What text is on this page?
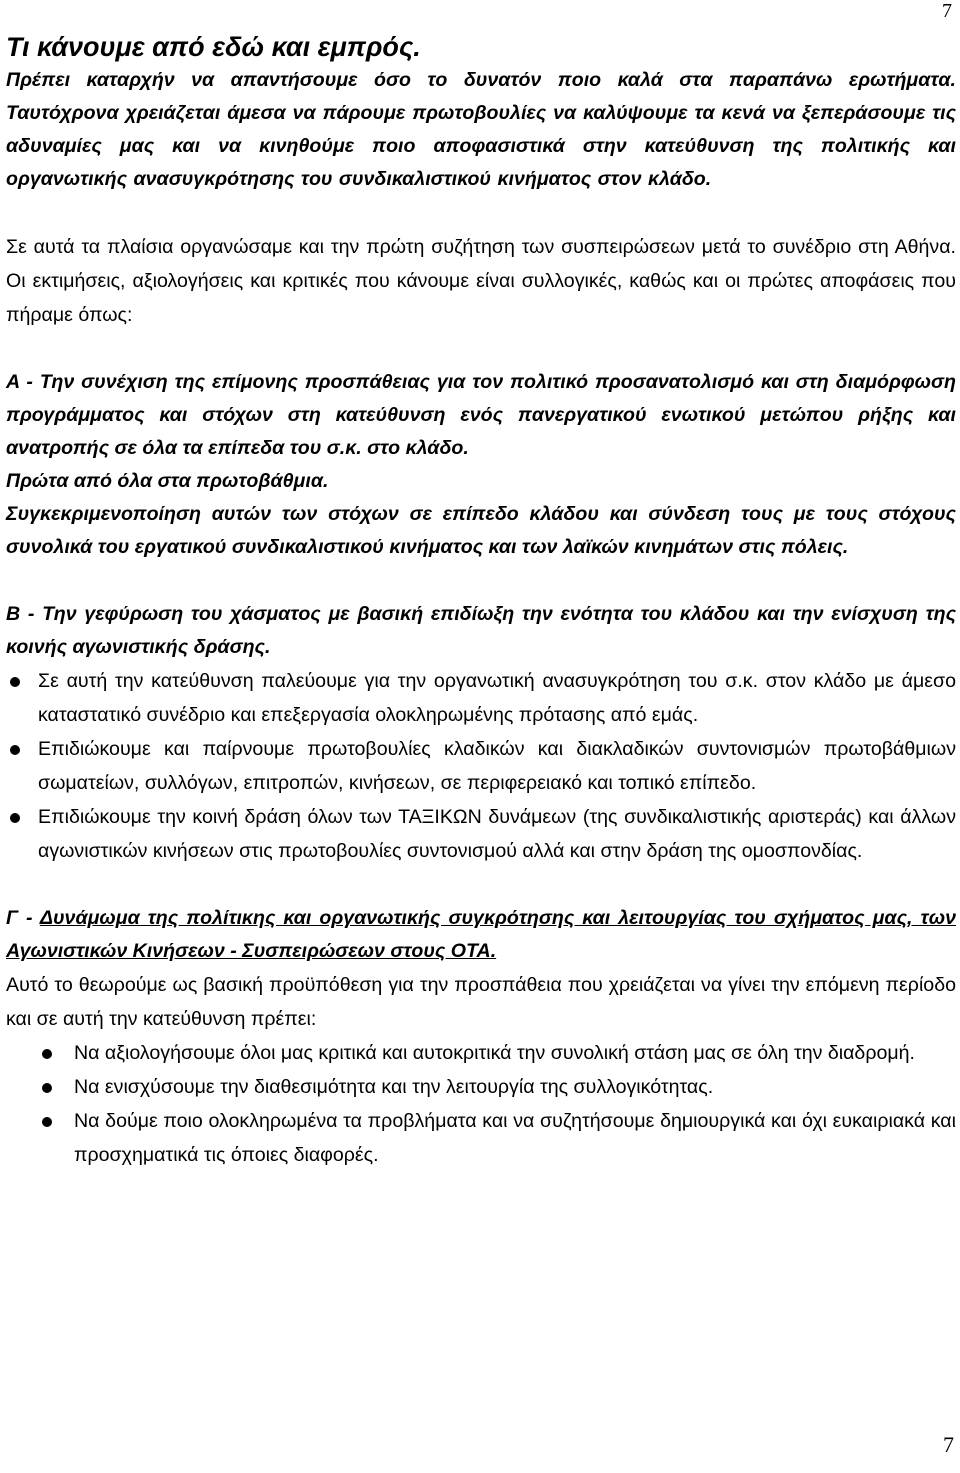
7
Τι κάνουμε από εδώ και εμπρός.

Πρέπει καταρχήν να απαντήσουμε όσο το δυνατόν ποιο καλά στα παραπάνω ερωτήματα. Ταυτόχρονα χρειάζεται άμεσα να πάρουμε πρωτοβουλίες να καλύψουμε τα κενά να ξεπεράσουμε τις αδυναμίες μας και να κινηθούμε ποιο αποφασιστικά στην κατεύθυνση της πολιτικής και οργανωτικής ανασυγκρότησης του συνδικαλιστικού κινήματος στον κλάδο.

Σε αυτά τα πλαίσια οργανώσαμε και την πρώτη συζήτηση των συσπειρώσεων μετά το συνέδριο στη Αθήνα. Οι εκτιμήσεις, αξιολογήσεις και κριτικές που κάνουμε είναι συλλογικές, καθώς και οι πρώτες αποφάσεις που πήραμε όπως:

Α - Την συνέχιση της επίμονης προσπάθειας για τον πολιτικό προσανατολισμό και στη διαμόρφωση προγράμματος και στόχων στη κατεύθυνση ενός πανεργατικού ενωτικού μετώπου ρήξης και ανατροπής σε όλα τα επίπεδα του σ.κ. στο κλάδο.

Πρώτα από όλα στα πρωτοβάθμια.

Συγκεκριμενοποίηση αυτών των στόχων σε επίπεδο κλάδου και σύνδεση τους με τους στόχους συνολικά του εργατικού συνδικαλιστικού κινήματος και των λαϊκών κινημάτων στις πόλεις.

Β - Την γεφύρωση του χάσματος με βασική επιδίωξη την ενότητα του κλάδου και την ενίσχυση της κοινής αγωνιστικής δράσης.

Σε αυτή την κατεύθυνση παλεύουμε για την οργανωτική ανασυγκρότηση του σ.κ. στον κλάδο με άμεσο καταστατικό συνέδριο και επεξεργασία ολοκληρωμένης πρότασης από εμάς.
Επιδιώκουμε και παίρνουμε πρωτοβουλίες κλαδικών και διακλαδικών συντονισμών πρωτοβάθμιων σωματείων, συλλόγων, επιτροπών, κινήσεων, σε περιφερειακό και τοπικό επίπεδο.
Επιδιώκουμε την κοινή δράση όλων των ΤΑΞΙΚΩΝ δυνάμεων (της συνδικαλιστικής αριστεράς) και άλλων αγωνιστικών κινήσεων στις πρωτοβουλίες συντονισμού αλλά και στην δράση της ομοσπονδίας.

Γ - Δυνάμωμα της πολίτικης και οργανωτικής συγκρότησης και λειτουργίας του σχήματος μας, των Αγωνιστικών Κινήσεων - Συσπειρώσεων στους ΟΤΑ.

Αυτό το θεωρούμε ως βασική προϋπόθεση για την προσπάθεια που χρειάζεται να γίνει την επόμενη περίοδο και σε αυτή την κατεύθυνση πρέπει:

Να αξιολογήσουμε όλοι μας κριτικά και αυτοκριτικά την συνολική στάση μας σε όλη την διαδρομή.
Να ενισχύσουμε την διαθεσιμότητα και την λειτουργία της συλλογικότητας.
Να δούμε ποιο ολοκληρωμένα τα προβλήματα και να συζητήσουμε δημιουργικά και όχι ευκαιριακά και προσχηματικά τις όποιες διαφορές.
7
